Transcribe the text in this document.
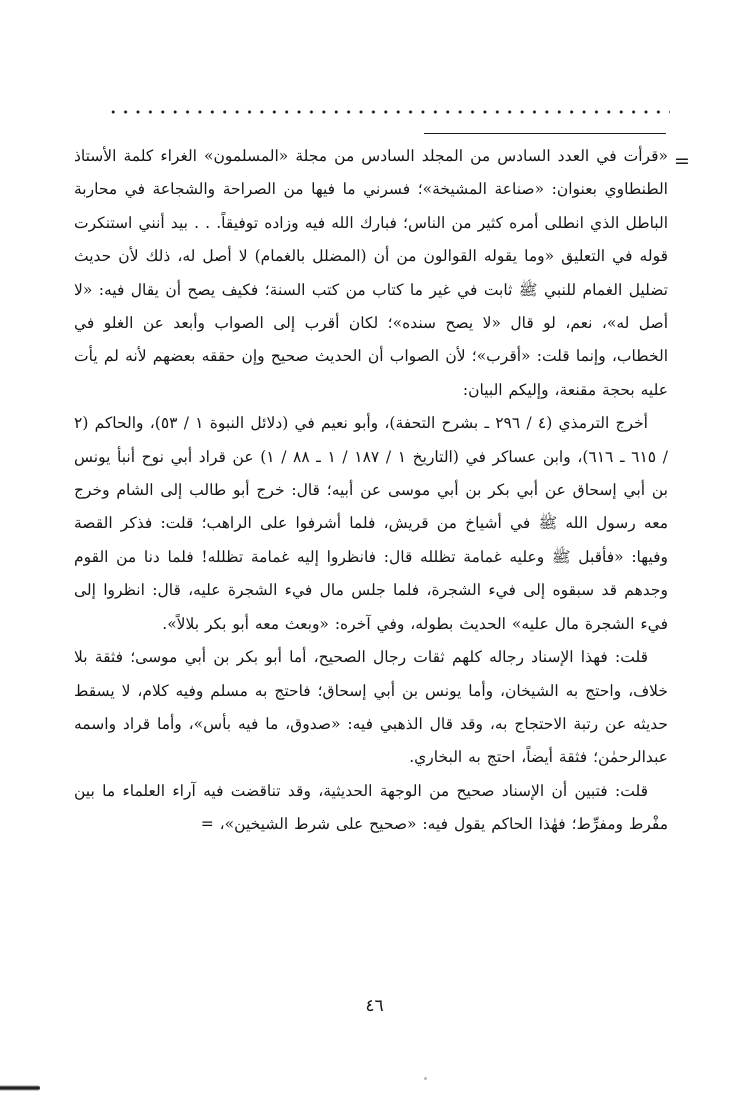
=

«قرأت في العدد السادس من المجلد السادس من مجلة «المسلمون» الغراء كلمة الأستاذ الطنطاوي بعنوان: «صناعة المشيخة»؛ فسرني ما فيها من الصراحة والشجاعة في محاربة الباطل الذي انطلى أمره كثير من الناس؛ فبارك الله فيه وزاده توفيقاً. . . بيد أنني استنكرت قوله في التعليق «وما يقوله القوالون من أن (المضلل بالغمام) لا أصل له، ذلك لأن حديث تضليل الغمام للنبي ﷺ ثابت في غير ما كتاب من كتب السنة؛ فكيف يصح أن يقال فيه: «لا أصل له»، نعم، لو قال «لا يصح سنده»؛ لكان أقرب إلى الصواب وأبعد عن الغلو في الخطاب، وإنما قلت: «أقرب»؛ لأن الصواب أن الحديث صحيح وإن حققه بعضهم لأنه لم يأت عليه بحجة مقنعة، وإليكم البيان:

أخرج الترمذي (٤ / ٢٩٦ ـ بشرح التحفة)، وأبو نعيم في (دلائل النبوة ١ / ٥٣)، والحاكم (٢ / ٦١٥ ـ ٦١٦)، وابن عساكر في (التاريخ ١ / ١٨٧ / ١ ـ ٨٨ / ١) عن قراد أبي نوح أنبأ يونس بن أبي إسحاق عن أبي بكر بن أبي موسى عن أبيه؛ قال: خرج أبو طالب إلى الشام وخرج معه رسول الله ﷺ في أشياخ من قريش، فلما أشرفوا على الراهب؛ قلت: فذكر القصة وفيها: «فأقبل ﷺ وعليه غمامة تظلله قال: فانظروا إليه غمامة تظلله! فلما دنا من القوم وجدهم قد سبقوه إلى فيء الشجرة، فلما جلس مال فيء الشجرة عليه، قال: انظروا إلى فيء الشجرة مال عليه» الحديث بطوله، وفي آخره: «وبعث معه أبو بكر بلالاً».

قلت: فهذا الإسناد رجاله كلهم ثقات رجال الصحيح، أما أبو بكر بن أبي موسى؛ فثقة بلا خلاف، واحتج به الشيخان، وأما يونس بن أبي إسحاق؛ فاحتج به مسلم وفيه كلام، لا يسقط حديثه عن رتبة الاحتجاج به، وقد قال الذهبي فيه: «صدوق، ما فيه بأس»، وأما قراد واسمه عبدالرحمٰن؛ فثقة أيضاً، احتج به البخاري.

قلت: فتبين أن الإسناد صحيح من الوجهة الحديثية، وقد تناقضت فيه آراء العلماء ما بين مفْرط ومفرِّط؛ فهٰذا الحاكم يقول فيه: «صحيح على شرط الشيخين»، =

٤٦
